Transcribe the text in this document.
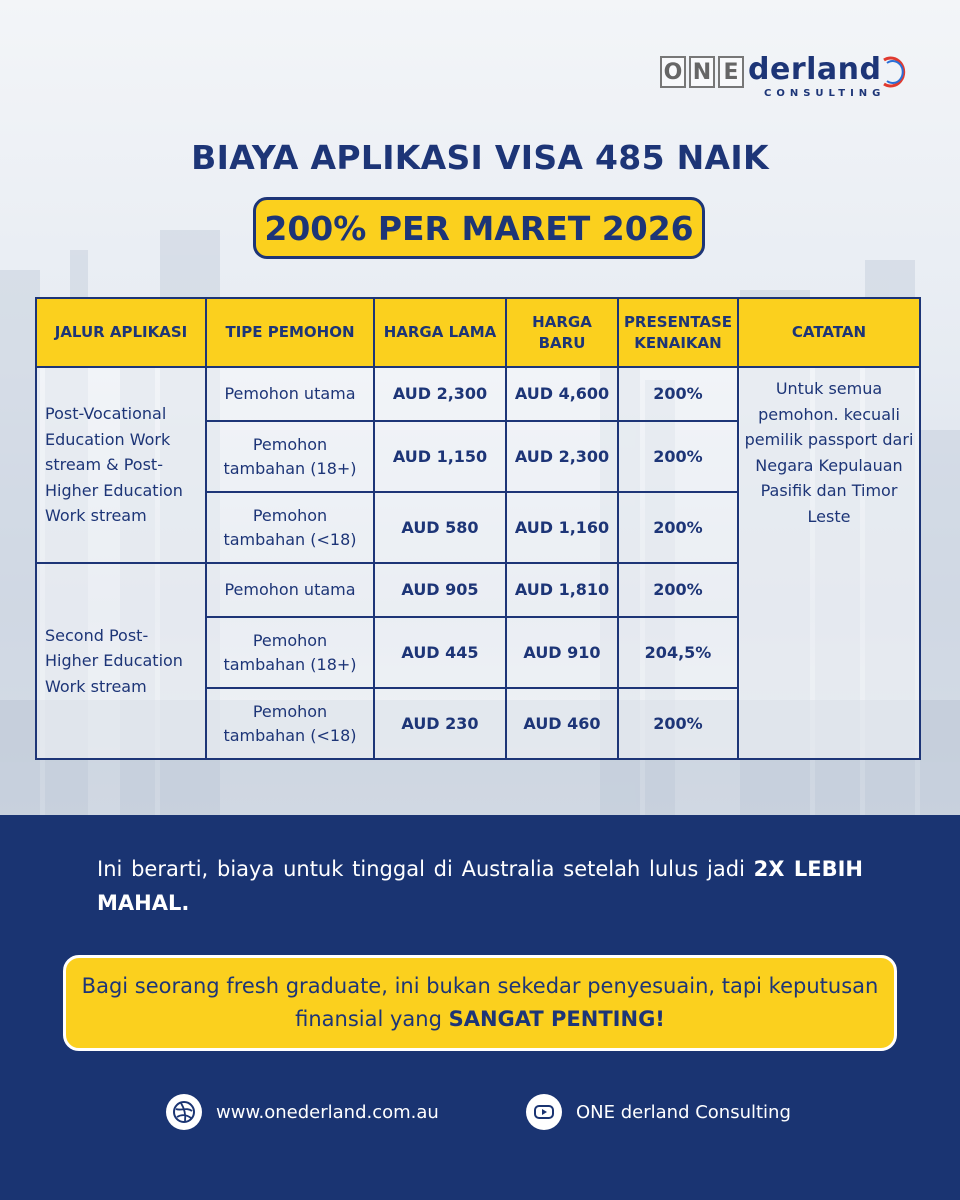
O N E derland
CONSULTING
BIAYA APLIKASI VISA 485 NAIK
200% PER MARET 2026
JALUR APLIKASI	TIPE PEMOHON	HARGA LAMA	HARGA BARU	PRESENTASE KENAIKAN	CATATAN
Post-Vocational Education Work stream & Post-Higher Education Work stream	Pemohon utama	AUD 2,300	AUD 4,600	200%	Untuk semua pemohon. kecuali pemilik passport dari Negara Kepulauan Pasifik dan Timor Leste
	Pemohon tambahan (18+)	AUD 1,150	AUD 2,300	200%	
	Pemohon tambahan (<18)	AUD 580	AUD 1,160	200%	
Second Post-Higher Education Work stream	Pemohon utama	AUD 905	AUD 1,810	200%	
	Pemohon tambahan (18+)	AUD 445	AUD 910	204,5%	
	Pemohon tambahan (<18)	AUD 230	AUD 460	200%	
Ini berarti, biaya untuk tinggal di Australia setelah lulus jadi 2X LEBIH MAHAL.
Bagi seorang fresh graduate, ini bukan sekedar penyesuain, tapi keputusan finansial yang SANGAT PENTING!
www.onederland.com.au	ONE derland Consulting
